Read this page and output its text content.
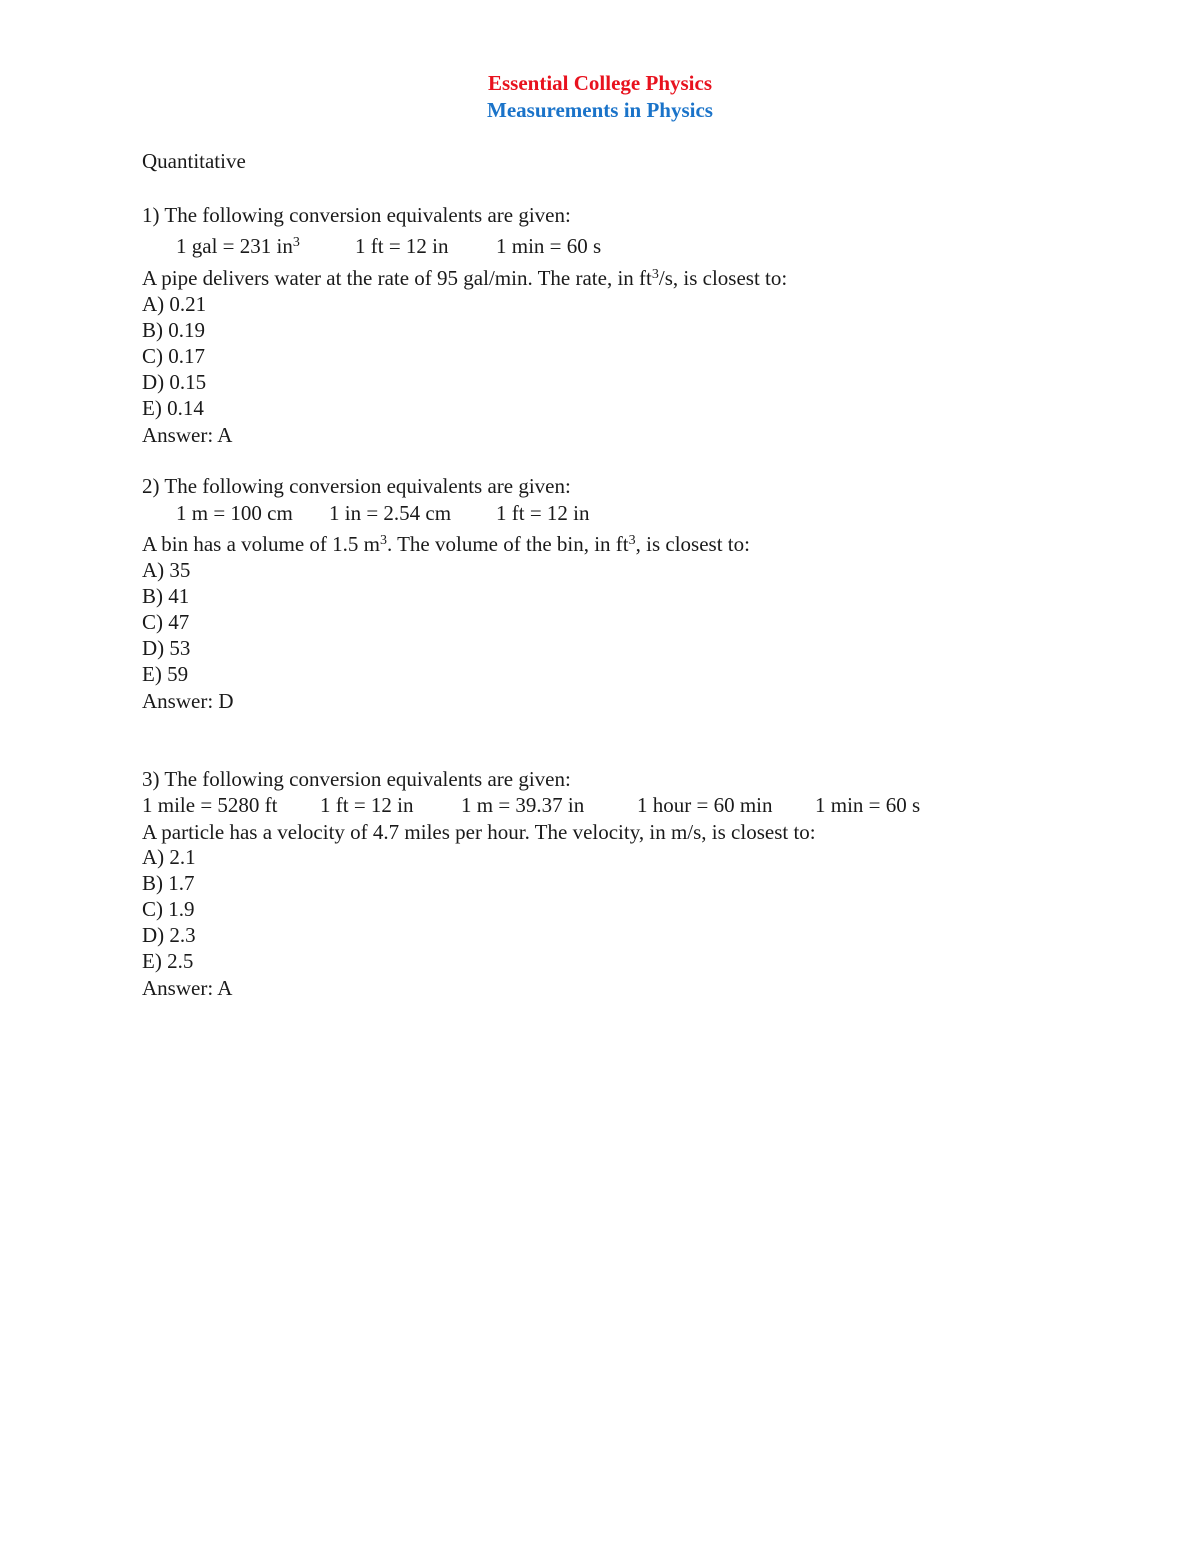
Essential College Physics
Measurements in Physics
Quantitative
1) The following conversion equivalents are given:
1 gal = 231 $in^3$	1 ft = 12 in 1 min = 60 s
A pipe delivers water at the rate of 95 gal/min. The rate, in $ft^3/s$, is closest to:
A) 0.21
B) 0.19
C) 0.17
D) 0.15
E) 0.14
Answer: A
2) The following conversion equivalents are given:
1 m = 100 cm 1 in = 2.54 cm 1 ft = 12 in
A bin has a volume of 1.5 $m^3$. The volume of the bin, in $ft^3$, is closest to:
A) 35
B) 41
C) 47
D) 53
E) 59
Answer: D
3) The following conversion equivalents are given:
1 mile = 5280 ft 1 ft = 12 in 1 m = 39.37 in	1 hour = 60 min 1 min = 60 s
A particle has a velocity of 4.7 miles per hour. The velocity, in m/s, is closest to:
A) 2.1
B) 1.7
C) 1.9
D) 2.3
E) 2.5
Answer: A
